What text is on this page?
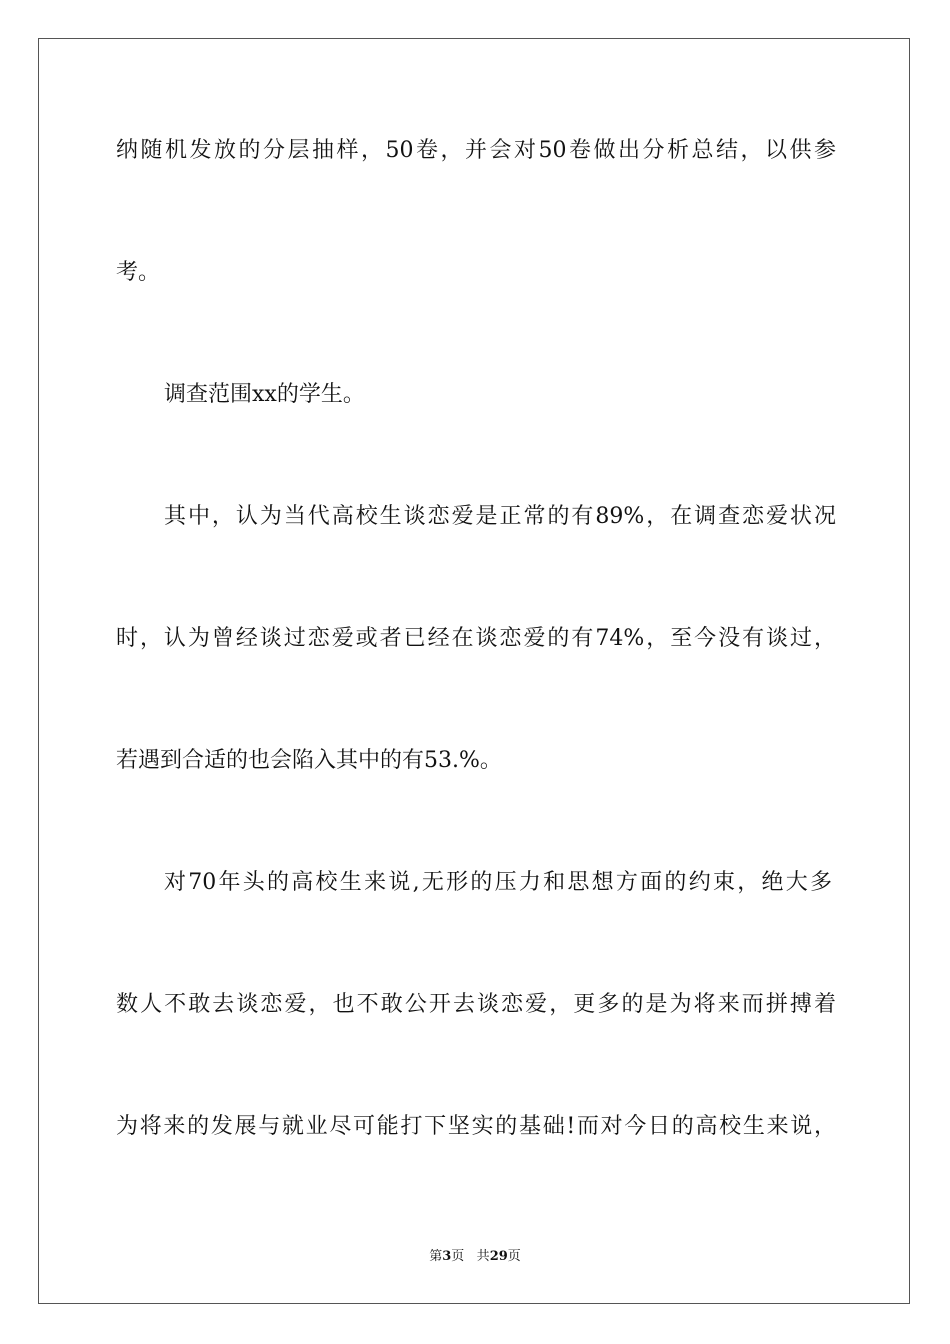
纳随机发放的分层抽样，50卷，并会对50卷做出分析总结，以供参
考。
调查范围xx的学生。
其中，认为当代高校生谈恋爱是正常的有89%，在调查恋爱状况
时，认为曾经谈过恋爱或者已经在谈恋爱的有74%，至今没有谈过，
若遇到合适的也会陷入其中的有53.%。
对70年头的高校生来说,无形的压力和思想方面的约束，绝大多
数人不敢去谈恋爱，也不敢公开去谈恋爱，更多的是为将来而拼搏着
为将来的发展与就业尽可能打下坚实的基础!而对今日的高校生来说，
第3页 共29页
